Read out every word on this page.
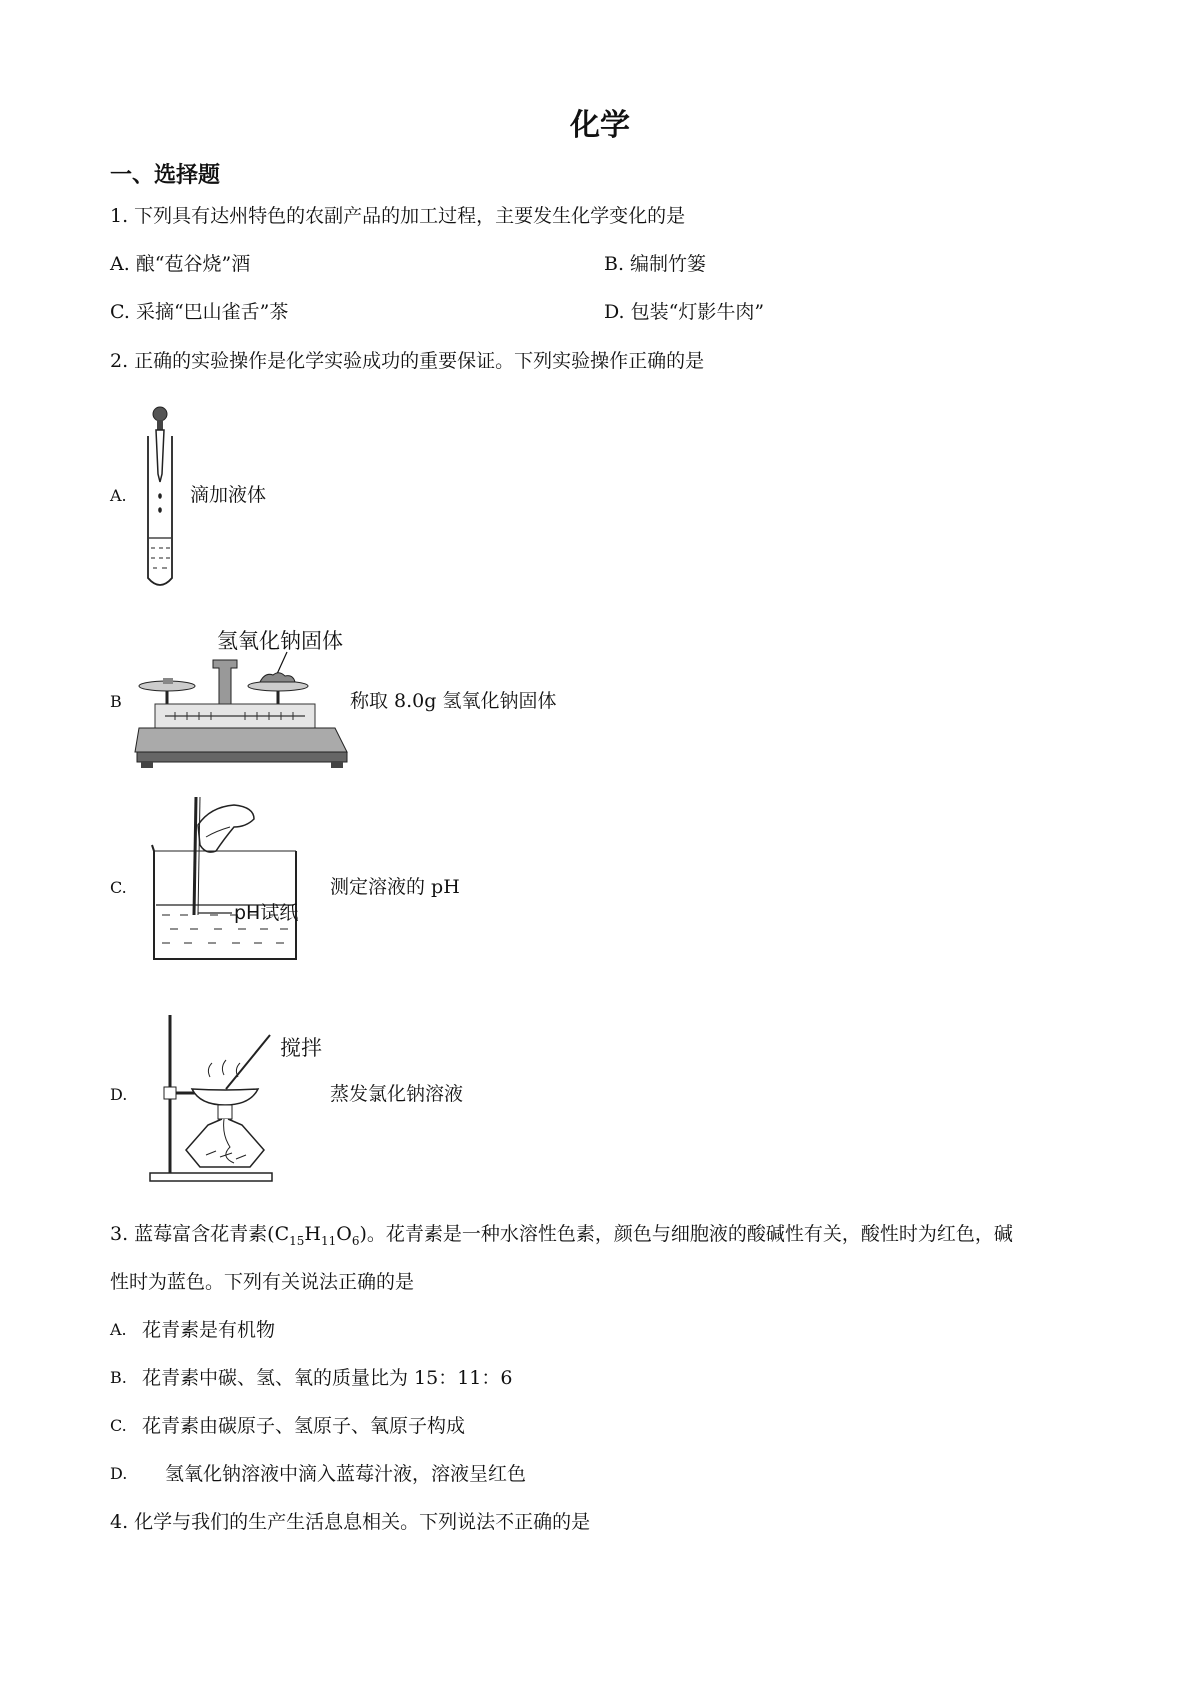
化学
一、选择题
1. 下列具有达州特色的农副产品的加工过程，主要发生化学变化的是
A. 酿“苞谷烧”酒	B. 编制竹篓
C. 采摘“巴山雀舌”茶	D. 包装“灯影牛肉”
2. 正确的实验操作是化学实验成功的重要保证。下列实验操作正确的是
A.	滴加液体
B
氢氧化钠固体
称取 8.0g 氢氧化钠固体
C.
pH试纸
测定溶液的 pH
D.
搅拌
蒸发氯化钠溶液
3. 蓝莓富含花青素$(C_{15}H_{11}O_6)$。花青素是一种水溶性色素，颜色与细胞液的酸碱性有关，酸性时为红色，碱
性时为蓝色。下列有关说法正确的是
A. 花青素是有机物
B. 花青素中碳、氢、氧的质量比为 15：11：6
C. 花青素由碳原子、氢原子、氧原子构成
D. 氢氧化钠溶液中滴入蓝莓汁液，溶液呈红色
4. 化学与我们的生产生活息息相关。下列说法不正确的是
